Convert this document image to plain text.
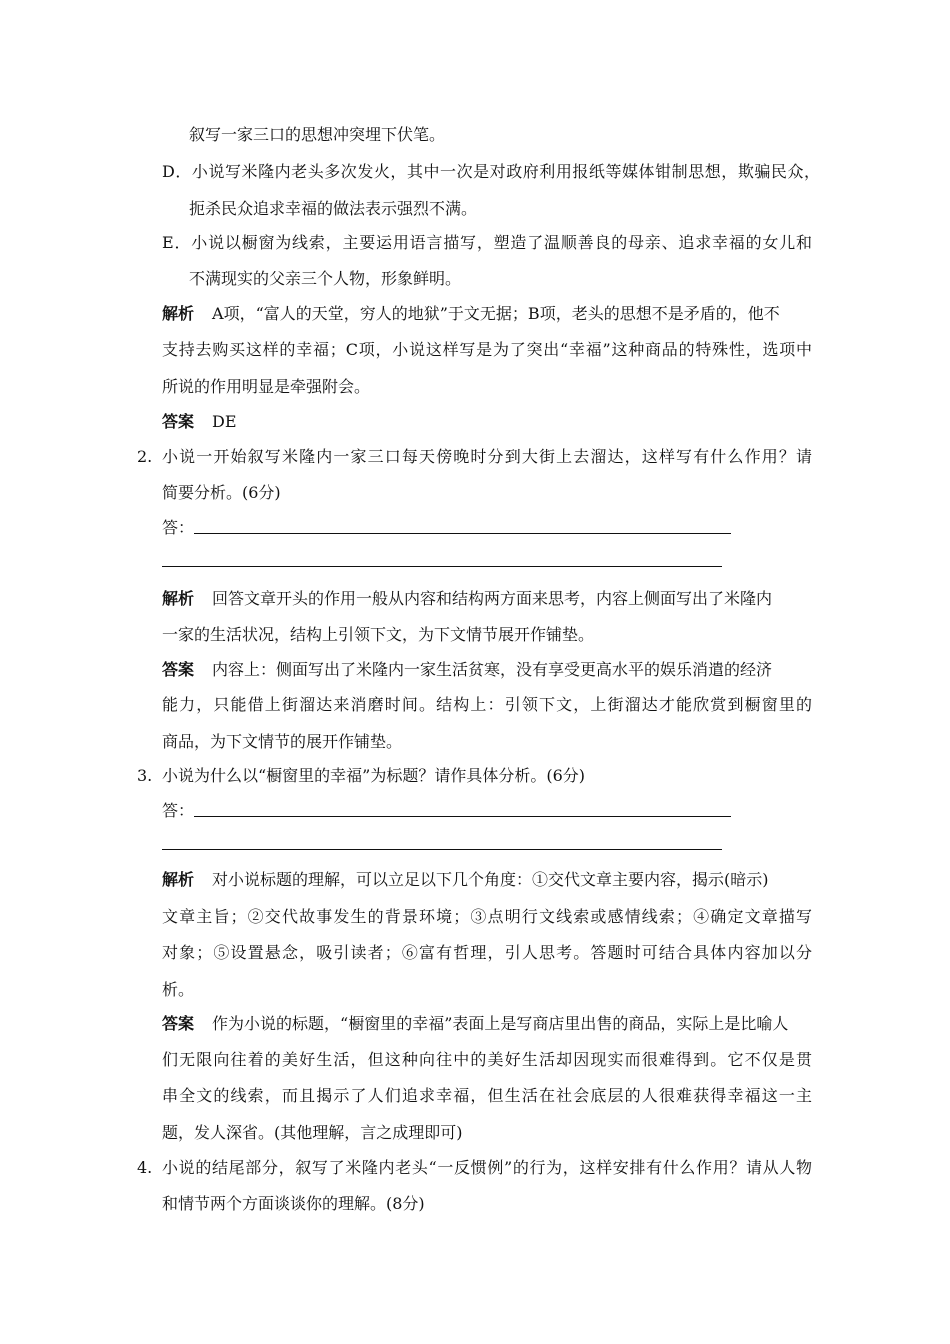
叙写一家三口的思想冲突埋下伏笔。
D．小说写米隆内老头多次发火，其中一次是对政府利用报纸等媒体钳制思想，欺骗民众，
扼杀民众追求幸福的做法表示强烈不满。
E．小说以橱窗为线索，主要运用语言描写，塑造了温顺善良的母亲、追求幸福的女儿和
不满现实的父亲三个人物，形象鲜明。
解析 A项，“富人的天堂，穷人的地狱”于文无据；B项，老头的思想不是矛盾的，他不
支持去购买这样的幸福；C项，小说这样写是为了突出“幸福”这种商品的特殊性，选项中
所说的作用明显是牵强附会。
答案 DE
2. 小说一开始叙写米隆内一家三口每天傍晚时分到大街上去溜达，这样写有什么作用？请
简要分析。(6分)
答：
解析 回答文章开头的作用一般从内容和结构两方面来思考，内容上侧面写出了米隆内
一家的生活状况，结构上引领下文，为下文情节展开作铺垫。
答案 内容上：侧面写出了米隆内一家生活贫寒，没有享受更高水平的娱乐消遣的经济
能力，只能借上街溜达来消磨时间。结构上：引领下文，上街溜达才能欣赏到橱窗里的
商品，为下文情节的展开作铺垫。
3. 小说为什么以“橱窗里的幸福”为标题？请作具体分析。(6分)
答：
解析 对小说标题的理解，可以立足以下几个角度：①交代文章主要内容，揭示(暗示)
文章主旨；②交代故事发生的背景环境；③点明行文线索或感情线索；④确定文章描写
对象；⑤设置悬念，吸引读者；⑥富有哲理，引人思考。答题时可结合具体内容加以分
析。
答案 作为小说的标题，“橱窗里的幸福”表面上是写商店里出售的商品，实际上是比喻人
们无限向往着的美好生活，但这种向往中的美好生活却因现实而很难得到。它不仅是贯
串全文的线索，而且揭示了人们追求幸福，但生活在社会底层的人很难获得幸福这一主
题，发人深省。(其他理解，言之成理即可)
4. 小说的结尾部分，叙写了米隆内老头“一反惯例”的行为，这样安排有什么作用？请从人物
和情节两个方面谈谈你的理解。(8分)
